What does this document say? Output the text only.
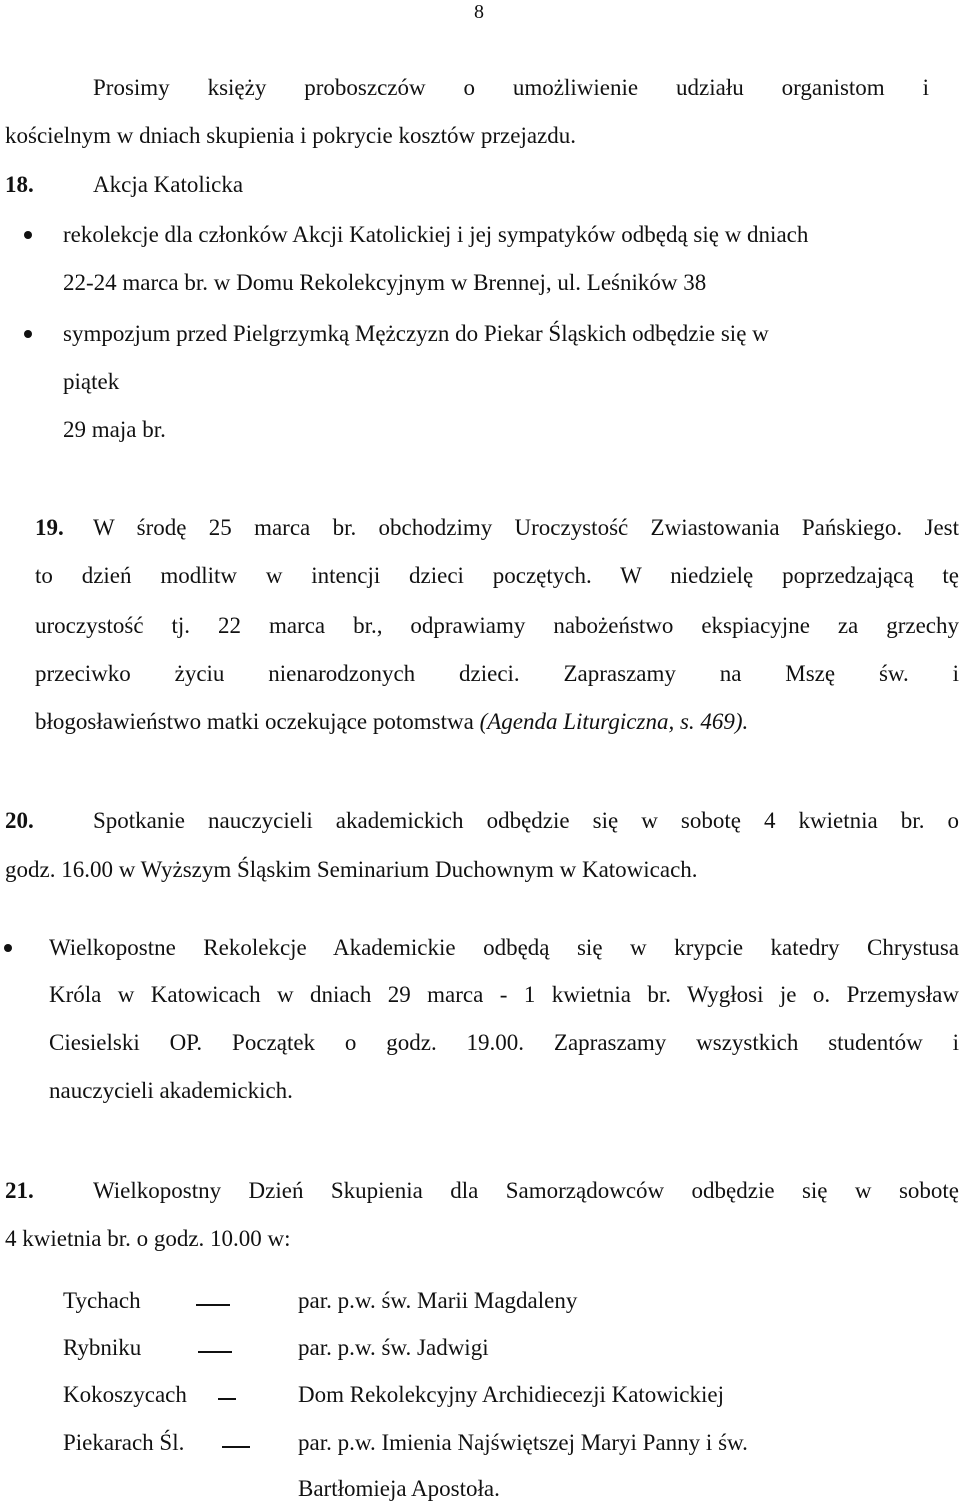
8
Prosimy księży proboszczów o umożliwienie udziału organistom i
kościelnym w dniach skupienia i pokrycie kosztów przejazdu.
18.	Akcja Katolicka
rekolekcje dla członków Akcji Katolickiej i jej sympatyków odbędą się w dniach
22-24 marca br. w Domu Rekolekcyjnym w Brennej, ul. Leśników 38
sympozjum przed Pielgrzymką Mężczyzn do Piekar Śląskich odbędzie się w
piątek
29 maja br.
19. W środę 25 marca br. obchodzimy Uroczystość Zwiastowania Pańskiego. Jest
to dzień modlitw w intencji dzieci poczętych. W niedzielę poprzedzającą tę
uroczystość tj. 22 marca br., odprawiamy nabożeństwo ekspiacyjne za grzechy
przeciwko życiu nienarodzonych dzieci. Zapraszamy na Mszę św. i
błogosławieństwo matki oczekujące potomstwa (Agenda Liturgiczna, s. 469).
20.	Spotkanie nauczycieli akademickich odbędzie się w sobotę 4 kwietnia br. o
godz. 16.00 w Wyższym Śląskim Seminarium Duchownym w Katowicach.
Wielkopostne Rekolekcje Akademickie odbędą się w krypcie katedry Chrystusa
Króla w Katowicach w dniach 29 marca - 1 kwietnia br. Wygłosi je o. Przemysław
Ciesielski OP. Początek o godz. 19.00. Zapraszamy wszystkich studentów i
nauczycieli akademickich.
21.	Wielkopostny Dzień Skupienia dla Samorządowców odbędzie się w sobotę
4 kwietnia br. o godz. 10.00 w:
Tychach	par. p.w. św. Marii Magdaleny
Rybniku	par. p.w. św. Jadwigi
Kokoszycach	Dom Rekolekcyjny Archidiecezji Katowickiej
Piekarach Śl.	par. p.w. Imienia Najświętszej Maryi Panny i św.
Bartłomieja Apostoła.
